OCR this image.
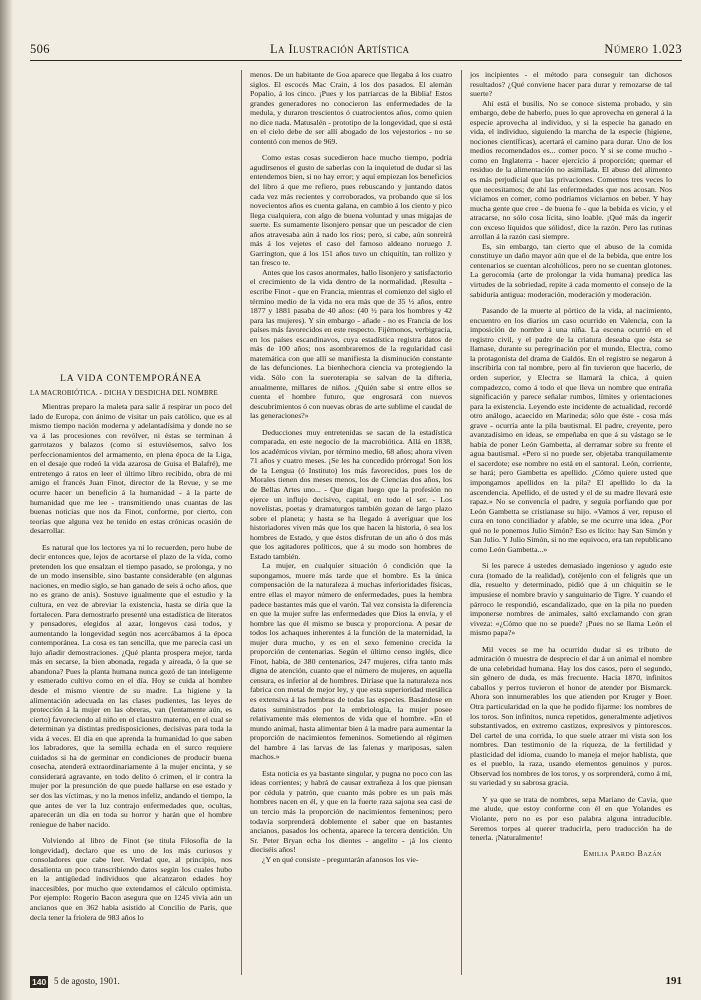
506	La Ilustración Artística	Número 1.023
LA VIDA CONTEMPORÁNEA
LA MACROBIÓTICA. - DICHA Y DESDICHA DEL NOMBRE

Mientras preparo la maleta para salir á respirar un poco del lado de Europa, con ánimo de visitar un país católico, que es al mismo tiempo nación moderna y adelantadísima y donde no se va á las procesiones con revólver, ni éstas se terminan á garrotazos y balazos (como si estuviésemos, salvo los perfeccionamientos del armamento, en plena época de la Liga, en el desaje que rodeó la vida azarosa de Guisa el Balafré), me entretengo á ratos en leer el último libro recibido, obra de mi amigo el francés Juan Finot, director de la Revue, y se me ocurre hacer un beneficio á la humanidad - á la parte de humanidad que me lee - transmitiendo unas cuantas de las buenas noticias que nos da Finot, conforme, por cierto, con teorías que alguna vez he tenido en estas crónicas ocasión de desarrollar.

Es natural que los lectores ya ni lo recuerden, pero hube de decir entonces que, lejos de acortarse el plazo de la vida, como pretenden los que ensalzan el tiempo pasado, se prolonga, y no de un modo insensible, sino bastante considerable (en algunas naciones, en medio siglo, se han ganado de seis á ocho años, que no es grano de anís). Sostuve igualmente que el estudio y la cultura, en vez de abreviar la existencia, hasta se diría que la fortalecen. Para demostrarlo presenté una estadística de literatos y pensadores, elegidos al azar, longevos casi todos, y aumentando la longevidad según nos acercábamos á la época contemporánea. La cosa es tan sencilla, que me parecía casi un lujo añadir demostraciones. ¿Qué planta prospera mejor, tarda más en secarse, la bien abonada, regada y aireada, ó la que se abandona? Pues la planta humana nunca gozó de tan inteligente y esmerado cultivo como en el día. Hoy se cuida al hombre desde el mismo vientre de su madre. La higiene y la alimentación adecuada en las clases pudientes, las leyes de protección á la mujer en las obreras, van (lentamente aún, es cierto) favoreciendo al niño en el claustro materno, en el cual se determinan ya distintas predisposiciones, decisivas para toda la vida á veces. El día en que aprenda la humanidad lo que saben los labradores, que la semilla echada en el surco requiere cuidados si ha de germinar en condiciones de producir buena cosecha, atenderá extraordinariamente á la mujer encinta, y se considerará agravante, en todo delito ó crimen, el ir contra la mujer por la presunción de que puede hallarse en ese estado y ser dos las víctimas, y no la menos infeliz, andando el tiempo, la que antes de ver la luz contrajo enfermedades que, ocultas, aparecerán un día en toda su horror y harán que el hombre reniegue de haber nacido.

Volviendo al libro de Finot (se titula Filosofía de la longevidad), declaro que es uno de los más curiosos y consoladores que cabe leer. Verdad que, al principio, nos desalienta un poco transcribiendo datos según los cuales hubo en la antigüedad individuos que alcanzaron edades hoy inaccesibles, por mucho que extendamos el cálculo optimista. Por ejemplo: Rogerio Bacon asegura que en 1245 vivía aún un ancianos que en 362 había asistido al Concilio de París, que decía tener la friolera de 983 años lo

menos. De un habitante de Goa aparece que llegaba á los cuatro siglos. El escocés Mac Crain, á los dos pasados. El alemán Popalio, á los cinco. ¡Pues y los patriarcas de la Biblia! Estos grandes generadores no conocieron las enfermedades de la medula, y duraron trescientos ó cuatrocientos años, como quien no dice nada. Matusalén - prototipo de la longevidad, que si está en el cielo debe de ser allí abogado de los vejestorios - no se contentó con menos de 969.

Como estas cosas sucedieron hace mucho tiempo, podría agudirsenos el gusto de saberlas con la inquietud de dudar si las entendemos bien, si no hay error; y aquí empiezan los beneficios del libro á que me refiero, pues rebuscando y juntando datos cada vez más recientes y corroborados, va probando que si los novecientos años es cuenta galana, en cambio á los ciento y pico llega cualquiera, con algo de buena voluntad y unas migajas de suerte. Es sumamente lisonjero pensar que un pescador de cien años atravesaba aún á nado los ríos; pero, si cabe, aún sonreirá más á los vejetes el caso del famoso aldeano noruego J. Garrington, que á los 151 años tuvo un chiquitín, tan rollizo y tan fresco te.

Antes que los casos anormales, hallo lisonjero y satisfactorio el crecimiento de la vida dentro de la normalidad. ¡Resulta - escribe Finot - que en Francia, mientras el comienzo del siglo el término medio de la vida no era más que de 35 ½ años, entre 1877 y 1881 pasaba de 40 años: (40 ½ para los hombres y 42 para las mujeres). Y sin embargo - añade - no es Francia de los países más favorecidos en este respecto. Fijémonos, verbigracia, en los países escandinavos, cuya estadística registra datos de más de 100 años; nos asombraremos de la regularidad casi matemática con que allí se manifiesta la disminución constante de las defunciones. La bienhechora ciencia va protegiendo la vida. Sólo con la sueroterapia se salvan de la difteria, anualmente, millares de niños. ¿Quién sabe si entre ellos se cuenta el hombre futuro, que engrosará con nuevos descubrimientos ó con nuevas obras de arte sublime el caudal de las generaciones?»

Deducciones muy entretenidas se sacan de la estadística comparada, en este negocio de la macrobiótica. Allá en 1838, los académicos vivían, por término medio, 68 años; ahora viven 71 años y cuatro meses. ¡Se les ha concedido prórroga! Son los de la Lengua (ó Instituto) los más favorecidos, pues los de Morales tienen dos meses menos, los de Ciencias dos años, los de Bellas Artes uno... - Que digan luego que la profesión no ejerce un influjo decisivo, capital, en todo el ser. - Los novelistas, poetas y dramaturgos también gozan de largo plazo sobre el planeta; y hasta se ha llegado á averiguar que los historiadores viven más que los que hacen la historia, ó sea los hombres de Estado, y que éstos disfrutan de un año ó dos más que los agitadores políticos, que á su modo son hombres de Estado también.

La mujer, en cualquier situación ó condición que la supongamos, muere más tarde que el hombre. Es la única compensación de la naturaleza á muchas inferioridades físicas, entre ellas el mayor número de enfermedades, pues la hembra padece bastantes más que el varón. Tal vez consista la diferencia en que la mujer sufre las enfermedades que Dios la envía, y el hombre las que él mismo se busca y proporciona. A pesar de todos los achaques inherentes á la función de la maternidad, la mujer dura mucho, y es en el sexo femenino crecida la proporción de centenarias. Según el último censo inglés, dice Finot, había, de 380 centenarios, 247 mujeres, cifra tanto más digna de atención, cuanto que el número de mujeres, en aquella censura, es inferior al de hombres. Diríase que la naturaleza nos fabrica con metal de mejor ley, y que esta superioridad metálica es extensiva á las hembras de todas las especies. Basándose en datos suministrados por la embriología, la mujer posee relativamente más elementos de vida que el hombre. «En el mundo animal, hasta alimentar bien á la madre para aumentar la proporción de nacimientos femeninos. Sometiendo al régimen del hambre á las larvas de las falenas y mariposas, salen machos.»

Esta noticia es ya bastante singular, y pugna no poco con las ideas corrientes; y habrá de causar extrañeza á los que piensan por cédula y patrón, que cuanto más pobre es un país más hombres nacen en él, y que en la fuerte raza sajona sea casi de un tercio más la proporción de nacimientos femeninos; pero todavía sorprenderá doblemente el saber que en bastantes ancianos, pasados los ochenta, aparece la tercera dentición. Un Sr. Peter Bryan echa los dientes - angelito - ¡á los ciento dieciséis años!

¿Y en qué consiste - preguntarán afanosos los vie-

jos incipientes - el método para conseguir tan dichosos resultados? ¿Qué conviene hacer para durar y remozarse de tal suerte?

Ahí está el busilis. No se conoce sistema probado, y sin embargo, debe de haberlo, pues lo que aprovecha en general á la especie aprovecha al individuo, y si la especie ha ganado en vida, el individuo, siguiendo la marcha de la especie (higiene, nociones científicas), acertará el camino para durar. Uno de los medios recomendados es... comer poco. Y si se come mucho - como en Inglaterra - hacer ejercicio á proporción; quemar el residuo de la alimentación no asimilada. El abuso del alimento es más perjudicial que las privaciones. Comemos tres veces lo que necesitamos; de ahí las enfermedades que nos acosan. Nos viciamos en comer, como podríamos viciarnos en beber. Y hay mucha gente que cree - de buena fe - que la bebida es vicio, y el atracarse, no sólo cosa lícita, sino loable. ¡Qué más da ingerir con exceso líquidos que sólidos!, dice la razón. Pero las rutinas arrollan á la razón casi siempre.

Es, sin embargo, tan cierto que el abuso de la comida constituye un daño mayor aún que el de la bebida, que entre los centenarios se cuentan alcohólicos, pero no se cuentan glotones. La gerocomía (arte de prolongar la vida humana) predica las virtudes de la sobriedad, repite á cada momento el consejo de la sabiduría antigua: moderación, moderación y moderación.

Pasando de la muerte al pórtico de la vida, al nacimiento, encuentro en los diarios un caso ocurrido en Valencia, con la imposición de nombre á una niña. La escena ocurrió en el registro civil, y el padre de la criatura deseaba que ésta se llamase, durante su peregrinación por el mundo, Electra, como la protagonista del drama de Galdós. En el registro se negaron á inscribirla con tal nombre, pero al fin tuvieron que hacerlo, de orden superior, y Electra se llamará la chica, á quien compadezco, como á todo el que lleva un nombre que entraña significación y parece señalar rumbos, límites y orientaciones para la existencia. Leyendo este incidente de actualidad, recordé otro análogo, acaecido en Marineda; sólo que éste - cosa más grave - ocurría ante la pila bautismal. El padre, creyente, pero avanzadísimo en ideas, se empeñaba en que á su vástago se le había de poner León Gambetta, al derramar sobre su frente el agua bautismal. «Pero si no puede ser, objetaba tranquilamente el sacerdote; ese nombre no está en el santoral. León, corriente, se hará; pero Gambetta es apellido. ¿Cómo quiere usted que impongamos apellidos en la pila? El apellido lo da la ascendencia. Apellido, el de usted y el de su madre llevará este rapaz.» No se convencía el padre, y seguía porfiando que por León Gambetta se cristianase su hijo. «Vamos á ver, repuso el cura en tono conciliador y afable, se me ocurre una idea. ¿Por qué no le ponemos Julio Simón? Eso es lícito: hay San Simón y San Julio. Y Julio Simón, si no me equivoco, era tan republicano como León Gambetta...»

Si les parece á ustedes demasiado ingenioso y agudo este cura (tomado de la realidad), cotéjenlo con el feligrés que un día, resuelto y determinado, pidió que á un chiquitín se le impusiese el nombre bravío y sanguinario de Tigre. Y cuando el párroco le respondió, escandalizado, que en la pila no pueden imponerse nombres de animales, saltó exclamando con gran viveza: «¿Cómo que no se puede? ¡Pues no se llama León el mismo papa?»

Mil veces se me ha ocurrido dudar si es tributo de admiración ó muestra de desprecio el dar á un animal el nombre de una celebridad humana. Hay los dos casos, pero el segundo, sin género de duda, es más frecuente. Hacia 1870, infinitos caballos y perros tuvieron el honor de atender por Bismarck. Ahora son innumerables los que atienden por Kruger y Boer. Otra particularidad en la que he podido fijarme: los nombres de los toros. Son infinitos, nunca repetidos, generalmente adjetivos substantivados, en extremo castizos, expresivos y pintorescos. Del cartel de una corrida, lo que suele atraer mi vista son los nombres. Dan testimonio de la riqueza, de la fertilidad y plasticidad del idioma, cuando lo maneja el mejor hablista, que es el pueblo, la raza, usando elementos genuinos y puros. Observad los nombres de los toros, y os sorprenderá, como á mí, su variedad y su sabrosa gracia.

Y ya que se trata de nombres, sepa Mariano de Cavia, que me alude, que estoy conforme con él en que Yolandes es Violante, pero no es por eso palabra alguna intraducible. Seremos torpes al querer traducirla, pero traducción ha de tenerla. ¡Naturalmente!

Emilia Pardo Bazán
140 5 de agosto, 1901.	191
